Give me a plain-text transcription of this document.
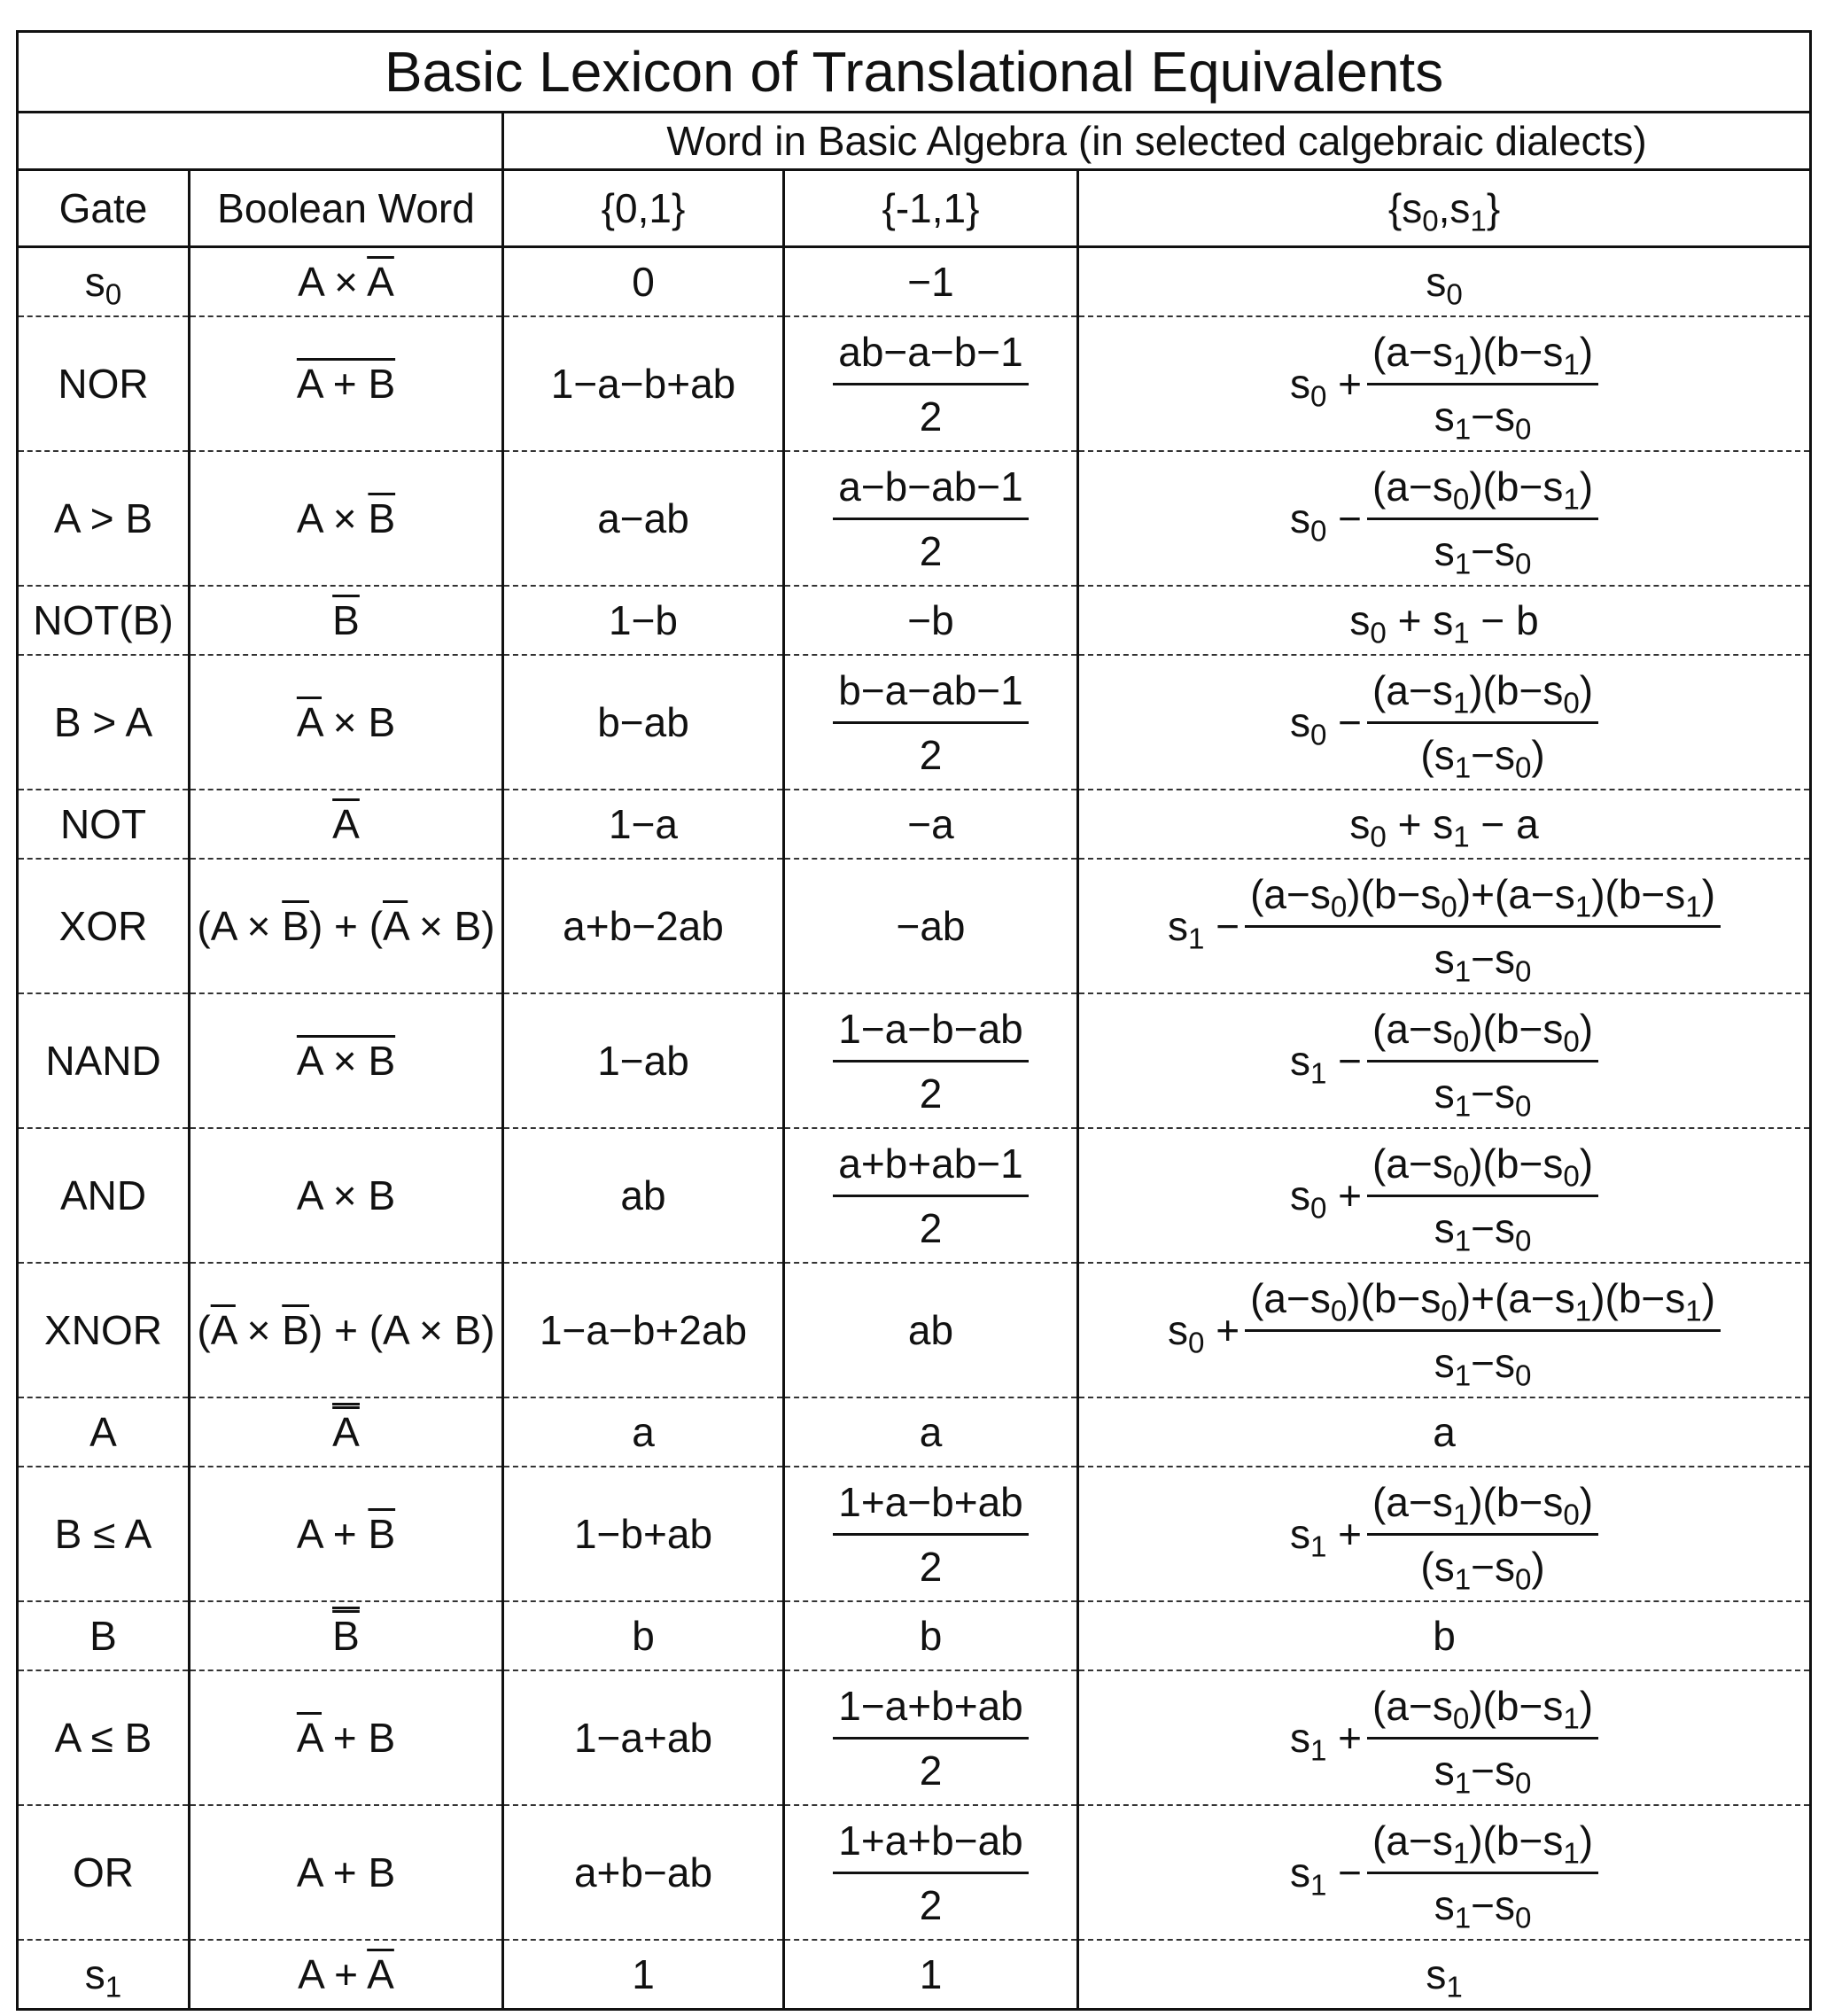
Basic Lexicon of Translational Equivalents				
		Word in Basic Algebra (in selected calgebraic dialects)		
Gate	Boolean Word	{0,1}	{-1,1}	$\{s_0,s_1\}$
$s_0$	$A \times \overline{A}$	0	−1	$s_0$
NOR	A + B	1−a−b+ab	$\frac{ab-a-b-1}{2}$	$s_0 + \frac{(a-s_1)(b-s_1)}{s_1-s_0}$

A > B	$A \times \overline{B}$	a−ab	$\frac{a-b-ab-1}{2}$	$s_0 - \frac{(a-s_0)(b-s_1)}{s_1-s_0}$

NOT(B)	$\overline{B}$	1−b	−b	$s_0 + s_1 - b$
B > A	$\overline{A} \times B$	b−ab	$\frac{b-a-ab-1}{2}$	$s_0 - \frac{(a-s_1)(b-s_0)}{(s_1-s_0)}$

NOT	$\overline{A}$	1−a	−a	$s_0 + s_1 - a$
XOR	$(A \times \overline{B}) + (\overline{A} \times B)$	a+b−2ab	−ab	$s_1 - \frac{(a-s_0)(b-s_0)+(a-s_1)(b-s_1)}{s_1-s_0}$

NAND	A × B	1−ab	$\frac{1-a-b-ab}{2}$	$s_1 - \frac{(a-s_0)(b-s_0)}{s_1-s_0}$

AND	A × B	ab	$\frac{a+b+ab-1}{2}$	$s_0 + \frac{(a-s_0)(b-s_0)}{s_1-s_0}$

XNOR	$(\overline{A} \times \overline{B}) + (A \times B)$	1−a−b+2ab	ab	$s_0 + \frac{(a-s_0)(b-s_0)+(a-s_1)(b-s_1)}{s_1-s_0}$

A	$\overline{A}$	a	a	a
B ≤ A	$A + \overline{B}$	1−b+ab	$\frac{1+a-b+ab}{2}$	$s_1 + \frac{(a-s_1)(b-s_0)}{(s_1-s_0)}$

B	$\overline{B}$	b	b	b
A ≤ B	$\overline{A} + B$	1−a+ab	$\frac{1-a+b+ab}{2}$	$s_1 + \frac{(a-s_0)(b-s_1)}{s_1-s_0}$

OR	A + B	a+b−ab	$\frac{1+a+b-ab}{2}$	$s_1 - \frac{(a-s_1)(b-s_1)}{s_1-s_0}$

$s_1$	$A + \overline{A}$	1	1	$s_1$
